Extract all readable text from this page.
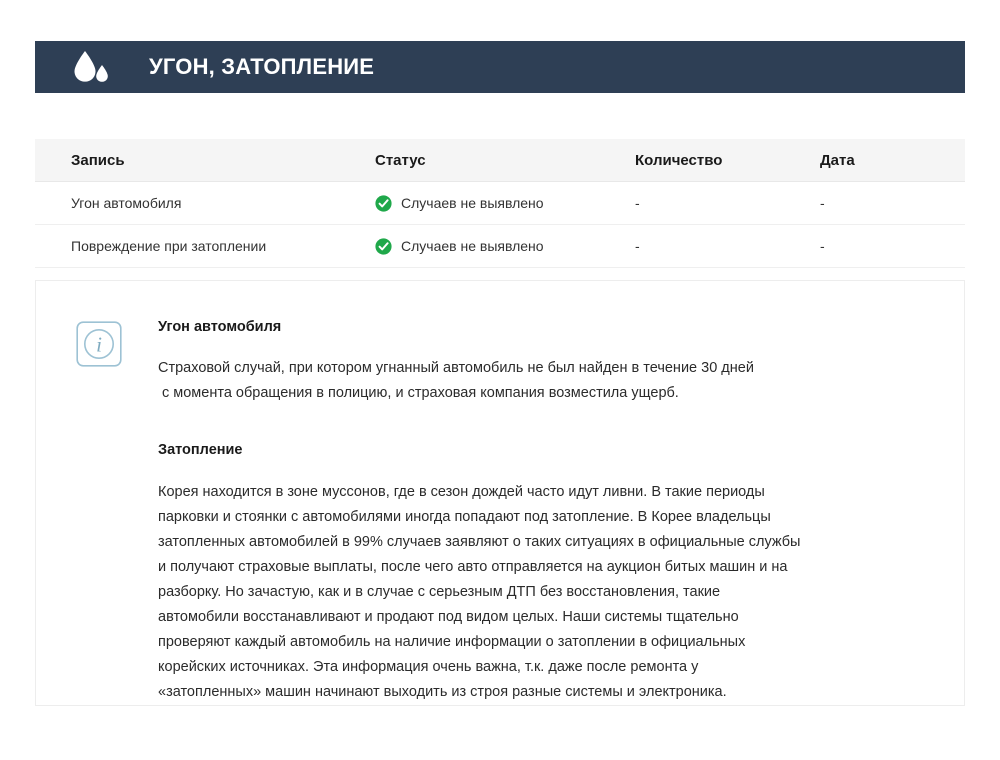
УГОН, ЗАТОПЛЕНИЕ
Запись	Статус	Количество	Дата
Угон автомобиля	Случаев не выявлено	-	-
Повреждение при затоплении	Случаев не выявлено	-	-
i
Угон автомобиля

Страховой случай, при котором угнанный автомобиль не был найден в течение 30 дней
с момента обращения в полицию, и страховая компания возместила ущерб.

Затопление

Корея находится в зоне муссонов, где в сезон дождей часто идут ливни. В такие периоды
парковки и стоянки с автомобилями иногда попадают под затопление. В Корее владельцы
затопленных автомобилей в 99% случаев заявляют о таких ситуациях в официальные службы
и получают страховые выплаты, после чего авто отправляется на аукцион битых машин и на
разборку. Но зачастую, как и в случае с серьезным ДТП без восстановления, такие
автомобили восстанавливают и продают под видом целых. Наши системы тщательно
проверяют каждый автомобиль на наличие информации о затоплении в официальных
корейских источниках. Эта информация очень важна, т.к. даже после ремонта у
«затопленных» машин начинают выходить из строя разные системы и электроника.
